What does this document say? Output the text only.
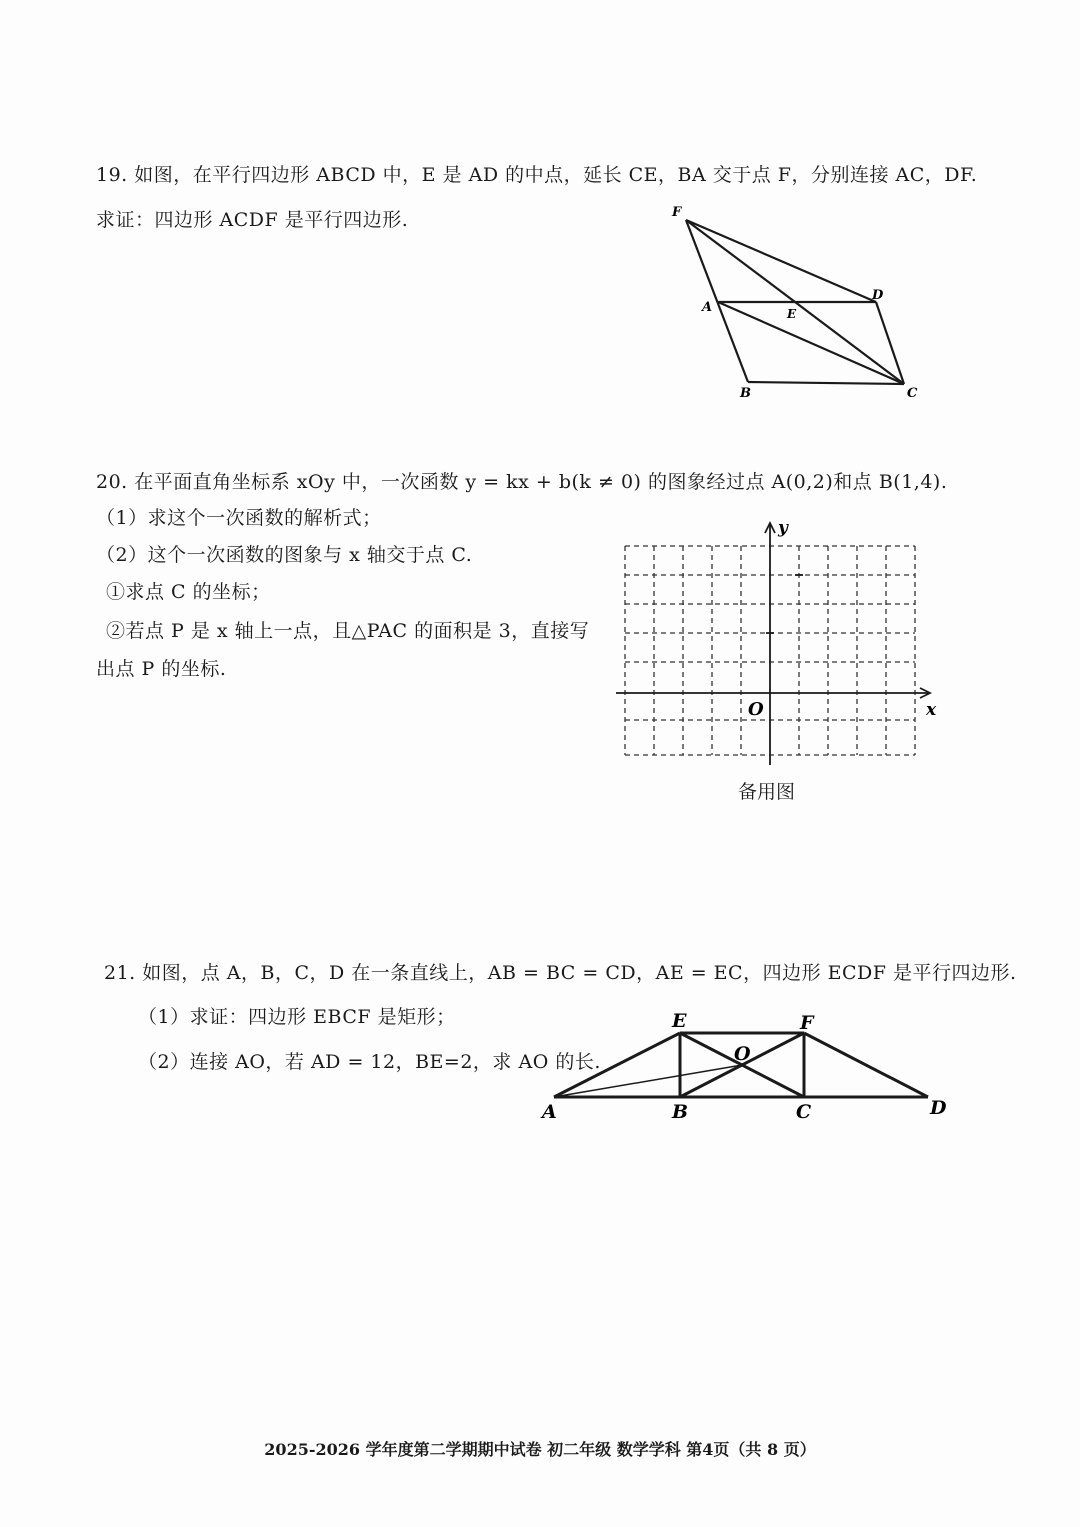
19. 如图，在平行四边形 ABCD 中，E 是 AD 的中点，延长 CE，BA 交于点 F，分别连接 AC，DF.
求证：四边形 ACDF 是平行四边形.	F
A
D
E
B	C
20. 在平面直角坐标系 xOy 中，一次函数 y = kx + b(k ≠ 0) 的图象经过点 A(0,2)和点 B(1,4).
（1）求这个一次函数的解析式；
（2）这个一次函数的图象与 x 轴交于点 C.
①求点 C 的坐标；
②若点 P 是 x 轴上一点，且△PAC 的面积是 3，直接写
出点 P 的坐标.
y
x
O
备用图
21. 如图，点 A，B，C，D 在一条直线上，AB = BC = CD，AE = EC，四边形 ECDF 是平行四边形.
（1）求证：四边形 EBCF 是矩形；
（2）连接 AO，若 AD = 12，BE=2，求 AO 的长.
E	F
O
A	B	C	D
2025-2026 学年度第二学期期中试卷 初二年级 数学学科 第4页（共 8 页）
